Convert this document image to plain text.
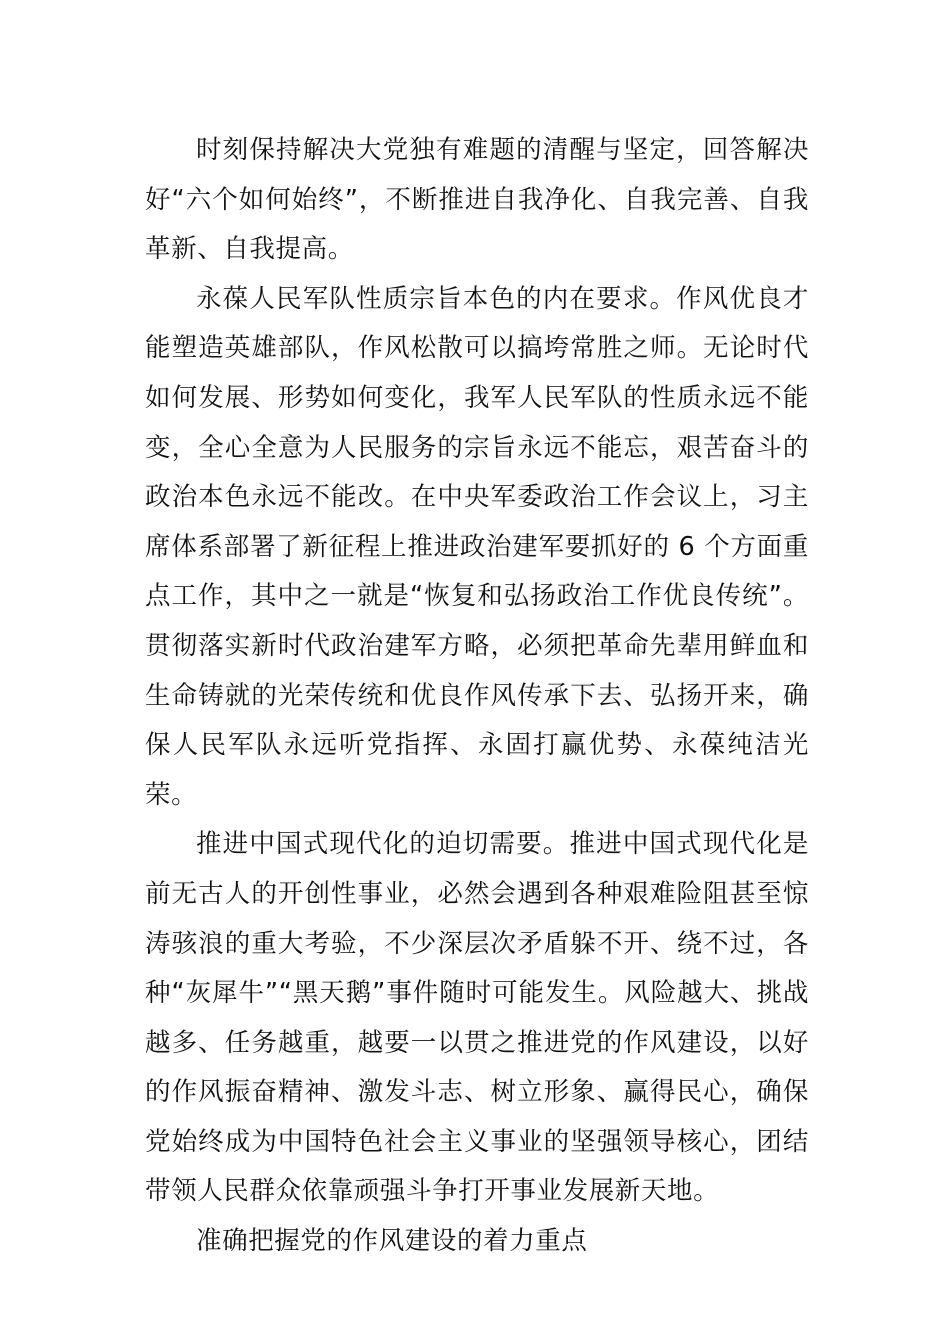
时刻保持解决大党独有难题的清醒与坚定，回答解决好“六个如何始终”，不断推进自我净化、自我完善、自我革新、自我提高。

永葆人民军队性质宗旨本色的内在要求。作风优良才能塑造英雄部队，作风松散可以搞垮常胜之师。无论时代如何发展、形势如何变化，我军人民军队的性质永远不能变，全心全意为人民服务的宗旨永远不能忘，艰苦奋斗的政治本色永远不能改。在中央军委政治工作会议上，习主席体系部署了新征程上推进政治建军要抓好的 6 个方面重点工作，其中之一就是“恢复和弘扬政治工作优良传统”。贯彻落实新时代政治建军方略，必须把革命先辈用鲜血和生命铸就的光荣传统和优良作风传承下去、弘扬开来，确保人民军队永远听党指挥、永固打赢优势、永葆纯洁光荣。

推进中国式现代化的迫切需要。推进中国式现代化是前无古人的开创性事业，必然会遇到各种艰难险阻甚至惊涛骇浪的重大考验，不少深层次矛盾躲不开、绕不过，各种“灰犀牛”“黑天鹅”事件随时可能发生。风险越大、挑战越多、任务越重，越要一以贯之推进党的作风建设，以好的作风振奋精神、激发斗志、树立形象、赢得民心，确保党始终成为中国特色社会主义事业的坚强领导核心，团结带领人民群众依靠顽强斗争打开事业发展新天地。

准确把握党的作风建设的着力重点
